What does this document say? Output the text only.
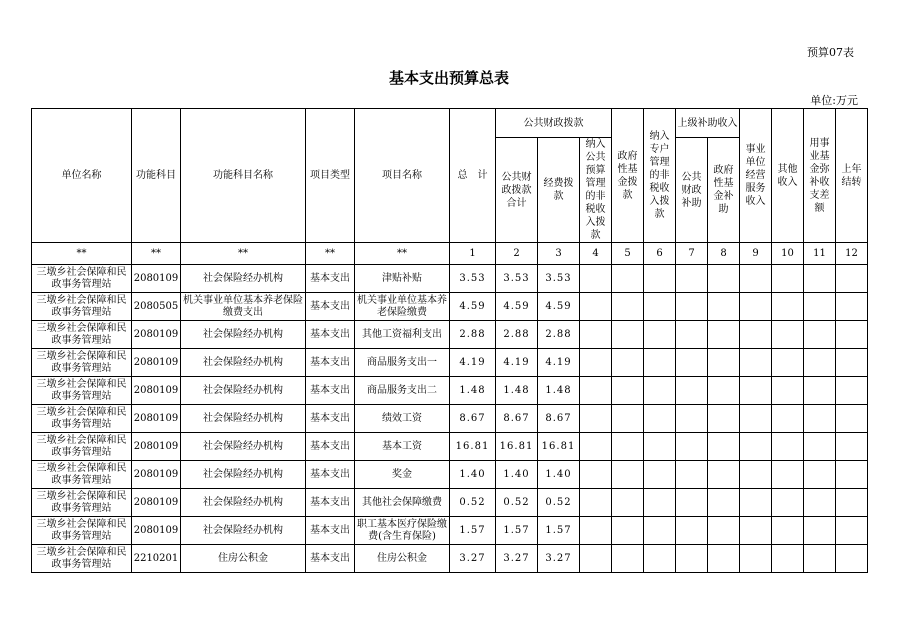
预算07表
基本支出预算总表
单位:万元
单位名称	功能科目	功能科目名称	项目类型	项目名称	总　计	公共财政拨款			政府性基金拨款	纳入专户管理的非税收入拨款	上级补助收入		事业单位经营服务收入	其他收入	用事业基金弥补收支差额	上年结转
						公共财政拨款合计	经费拨款	纳入公共预算管理的非税收入拨款			公共财政补助	政府性基金补助				
**	**	**	**	**	1	2	3	4	5	6	7	8	9	10	11	12
三墩乡社会保障和民政事务管理站	2080109	社会保险经办机构	基本支出	津贴补贴	3.53	3.53	3.53									
三墩乡社会保障和民政事务管理站	2080505	机关事业单位基本养老保险缴费支出	基本支出	机关事业单位基本养老保险缴费	4.59	4.59	4.59									
三墩乡社会保障和民政事务管理站	2080109	社会保险经办机构	基本支出	其他工资福利支出	2.88	2.88	2.88									
三墩乡社会保障和民政事务管理站	2080109	社会保险经办机构	基本支出	商品服务支出一	4.19	4.19	4.19									
三墩乡社会保障和民政事务管理站	2080109	社会保险经办机构	基本支出	商品服务支出二	1.48	1.48	1.48									
三墩乡社会保障和民政事务管理站	2080109	社会保险经办机构	基本支出	绩效工资	8.67	8.67	8.67									
三墩乡社会保障和民政事务管理站	2080109	社会保险经办机构	基本支出	基本工资	16.81	16.81	16.81									
三墩乡社会保障和民政事务管理站	2080109	社会保险经办机构	基本支出	奖金	1.40	1.40	1.40									
三墩乡社会保障和民政事务管理站	2080109	社会保险经办机构	基本支出	其他社会保障缴费	0.52	0.52	0.52									
三墩乡社会保障和民政事务管理站	2080109	社会保险经办机构	基本支出	职工基本医疗保险缴费(含生育保险)	1.57	1.57	1.57									
三墩乡社会保障和民政事务管理站	2210201	住房公积金	基本支出	住房公积金	3.27	3.27	3.27									
